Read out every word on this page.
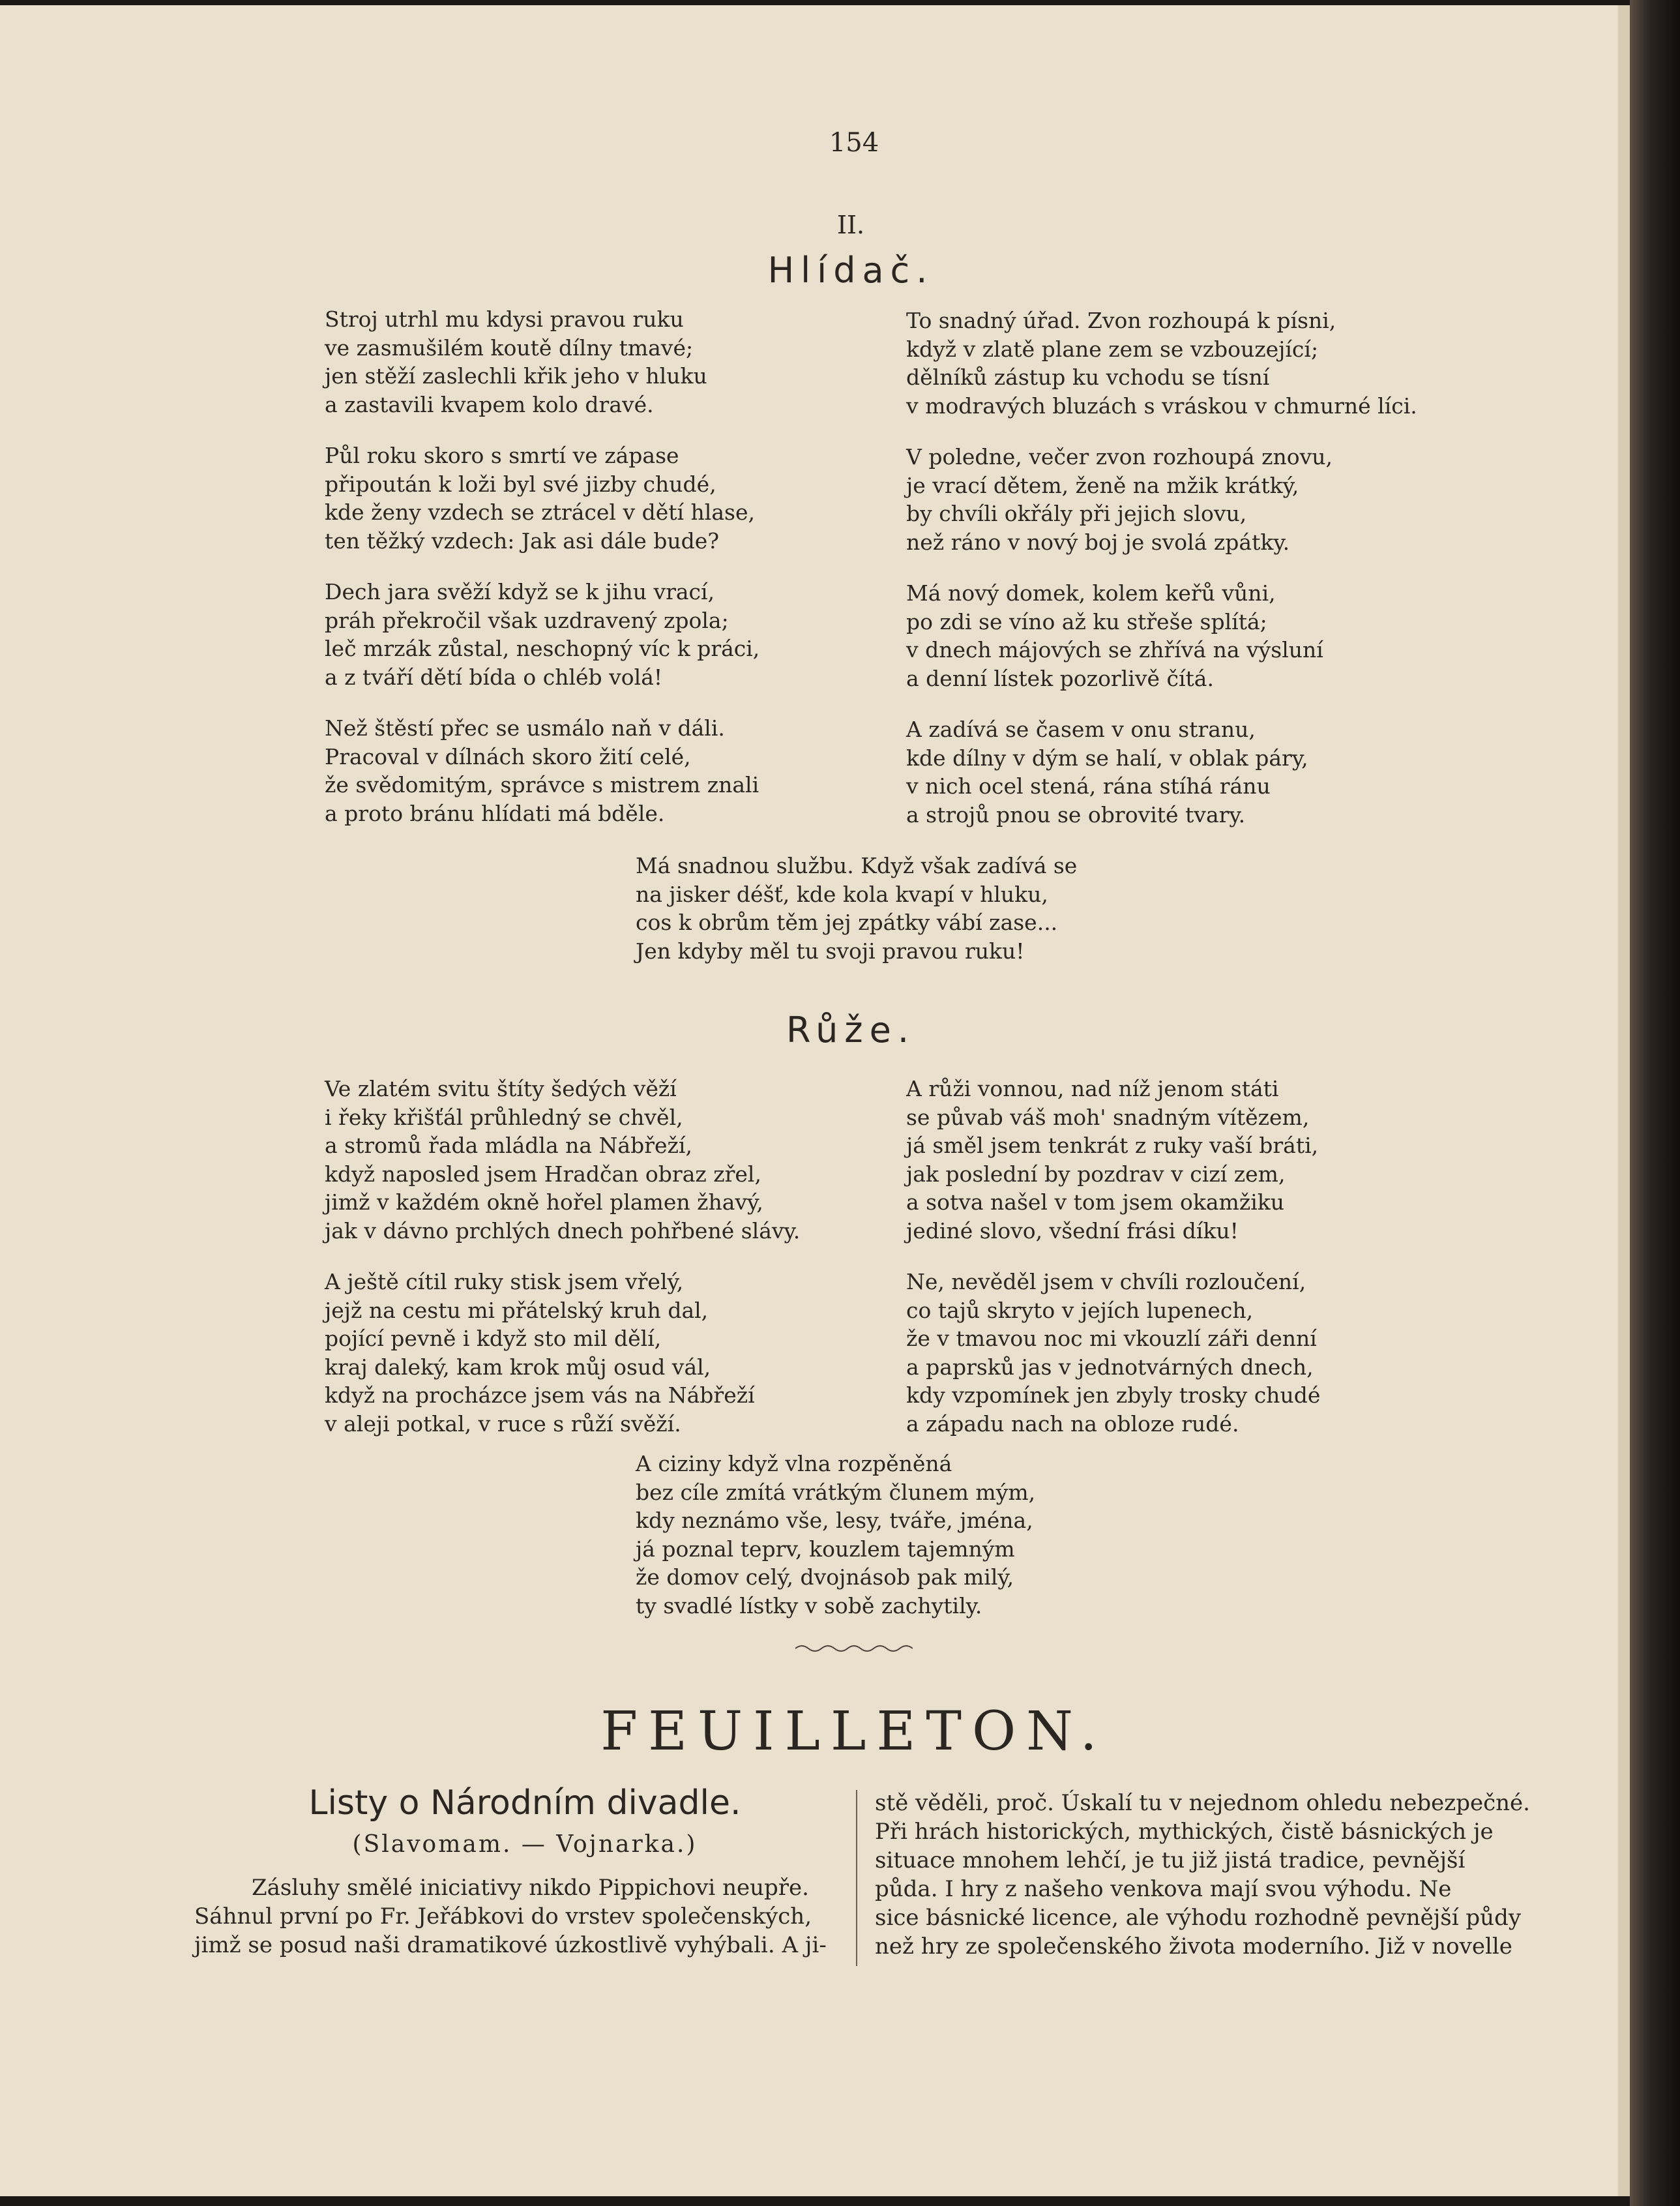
154
II.
Hlídač.
Stroj utrhl mu kdysi pravou ruku
ve zasmušilém koutě dílny tmavé;
jen stěží zaslechli křik jeho v hluku
a zastavili kvapem kolo dravé.
Půl roku skoro s smrtí ve zápase
připoután k loži byl své jizby chudé,
kde ženy vzdech se ztrácel v dětí hlase,
ten těžký vzdech: Jak asi dále bude?
Dech jara svěží když se k jihu vrací,
práh překročil však uzdravený zpola;
leč mrzák zůstal, neschopný víc k práci,
a z tváří dětí bída o chléb volá!
Než štěstí přec se usmálo naň v dáli.
Pracoval v dílnách skoro žití celé,
že svědomitým, správce s mistrem znali
a proto bránu hlídati má bděle.
To snadný úřad. Zvon rozhoupá k písni,
když v zlatě plane zem se vzbouzející;
dělníků zástup ku vchodu se tísní
v modravých bluzách s vráskou v chmurné líci.
V poledne, večer zvon rozhoupá znovu,
je vrací dětem, ženě na mžik krátký,
by chvíli okřály při jejich slovu,
než ráno v nový boj je svolá zpátky.
Má nový domek, kolem keřů vůni,
po zdi se víno až ku střeše splítá;
v dnech májových se zhřívá na výsluní
a denní lístek pozorlivě čítá.
A zadívá se časem v onu stranu,
kde dílny v dým se halí, v oblak páry,
v nich ocel stená, rána stíhá ránu
a strojů pnou se obrovité tvary.
Má snadnou službu. Když však zadívá se
na jisker déšť, kde kola kvapí v hluku,
cos k obrům těm jej zpátky vábí zase...
Jen kdyby měl tu svoji pravou ruku!
Růže.
Ve zlatém svitu štíty šedých věží
i řeky křišťál průhledný se chvěl,
a stromů řada mládla na Nábřeží,
když naposled jsem Hradčan obraz zřel,
jimž v každém okně hořel plamen žhavý,
jak v dávno prchlých dnech pohřbené slávy.
A ještě cítil ruky stisk jsem vřelý,
jejž na cestu mi přátelský kruh dal,
pojící pevně i když sto mil dělí,
kraj daleký, kam krok můj osud vál,
když na procházce jsem vás na Nábřeží
v aleji potkal, v ruce s růží svěží.
A růži vonnou, nad níž jenom státi
se půvab váš moh' snadným vítězem,
já směl jsem tenkrát z ruky vaší bráti,
jak poslední by pozdrav v cizí zem,
a sotva našel v tom jsem okamžiku
jediné slovo, všední frási díku!
Ne, nevěděl jsem v chvíli rozloučení,
co tajů skryto v jejích lupenech,
že v tmavou noc mi vkouzlí záři denní
a paprsků jas v jednotvárných dnech,
kdy vzpomínek jen zbyly trosky chudé
a západu nach na obloze rudé.
A ciziny když vlna rozpěněná
bez cíle zmítá vrátkým člunem mým,
kdy neznámo vše, lesy, tváře, jména,
já poznal teprv, kouzlem tajemným
že domov celý, dvojnásob pak milý,
ty svadlé lístky v sobě zachytily.
FEUILLETON.
Listy o Národním divadle.
(Slavomam. — Vojnarka.)
Zásluhy smělé iniciativy nikdo Pippichovi neupře.
Sáhnul první po Fr. Jeřábkovi do vrstev společenských,
jimž se posud naši dramatikové úzkostlivě vyhýbali. A ji-
stě věděli, proč. Úskalí tu v nejednom ohledu nebezpečné.
Při hrách historických, mythických, čistě básnických je
situace mnohem lehčí, je tu již jistá tradice, pevnější
půda. I hry z našeho venkova mají svou výhodu. Ne
sice básnické licence, ale výhodu rozhodně pevnější půdy
než hry ze společenského života moderního. Již v novelle
